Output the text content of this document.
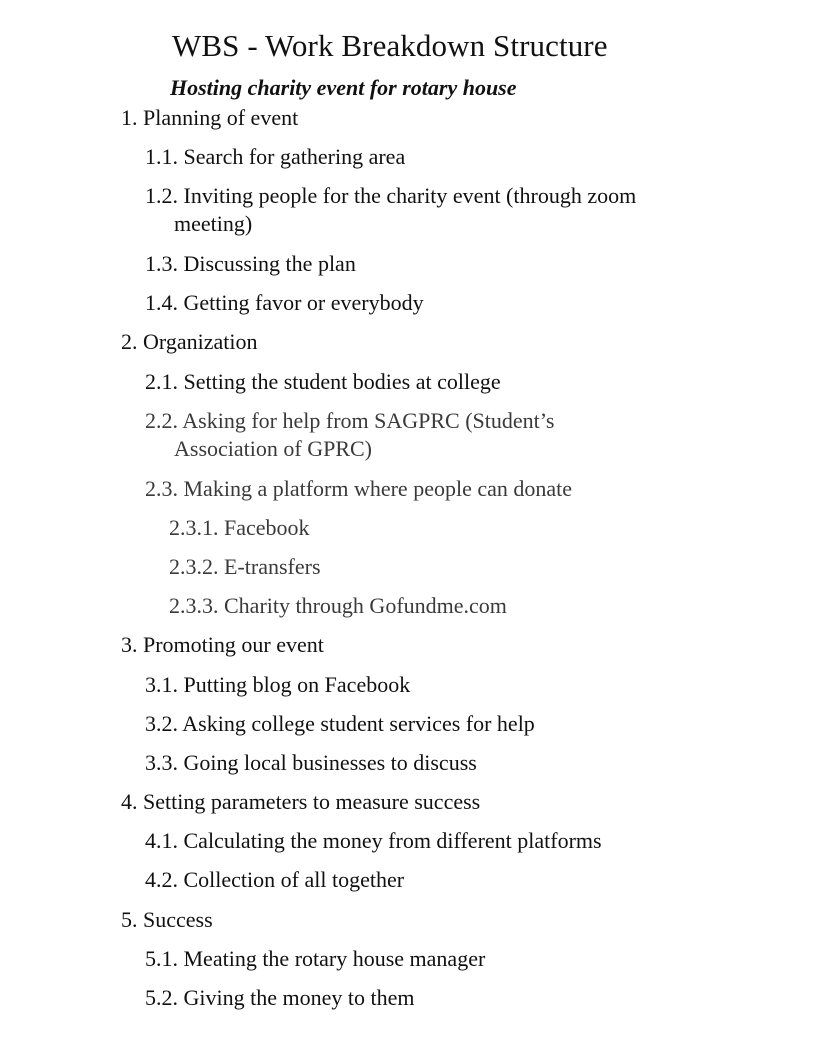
WBS - Work Breakdown Structure
Hosting charity event for rotary house
1. Planning of event
1.1. Search for gathering area
1.2. Inviting people for the charity event (through zoom
meeting)
1.3. Discussing the plan
1.4. Getting favor or everybody
2. Organization
2.1. Setting the student bodies at college
2.2. Asking for help from SAGPRC (Student’s
Association of GPRC)
2.3. Making a platform where people can donate
2.3.1. Facebook
2.3.2. E-transfers
2.3.3. Charity through Gofundme.com
3. Promoting our event
3.1. Putting blog on Facebook
3.2. Asking college student services for help
3.3. Going local businesses to discuss
4. Setting parameters to measure success
4.1. Calculating the money from different platforms
4.2. Collection of all together
5. Success
5.1. Meating the rotary house manager
5.2. Giving the money to them
